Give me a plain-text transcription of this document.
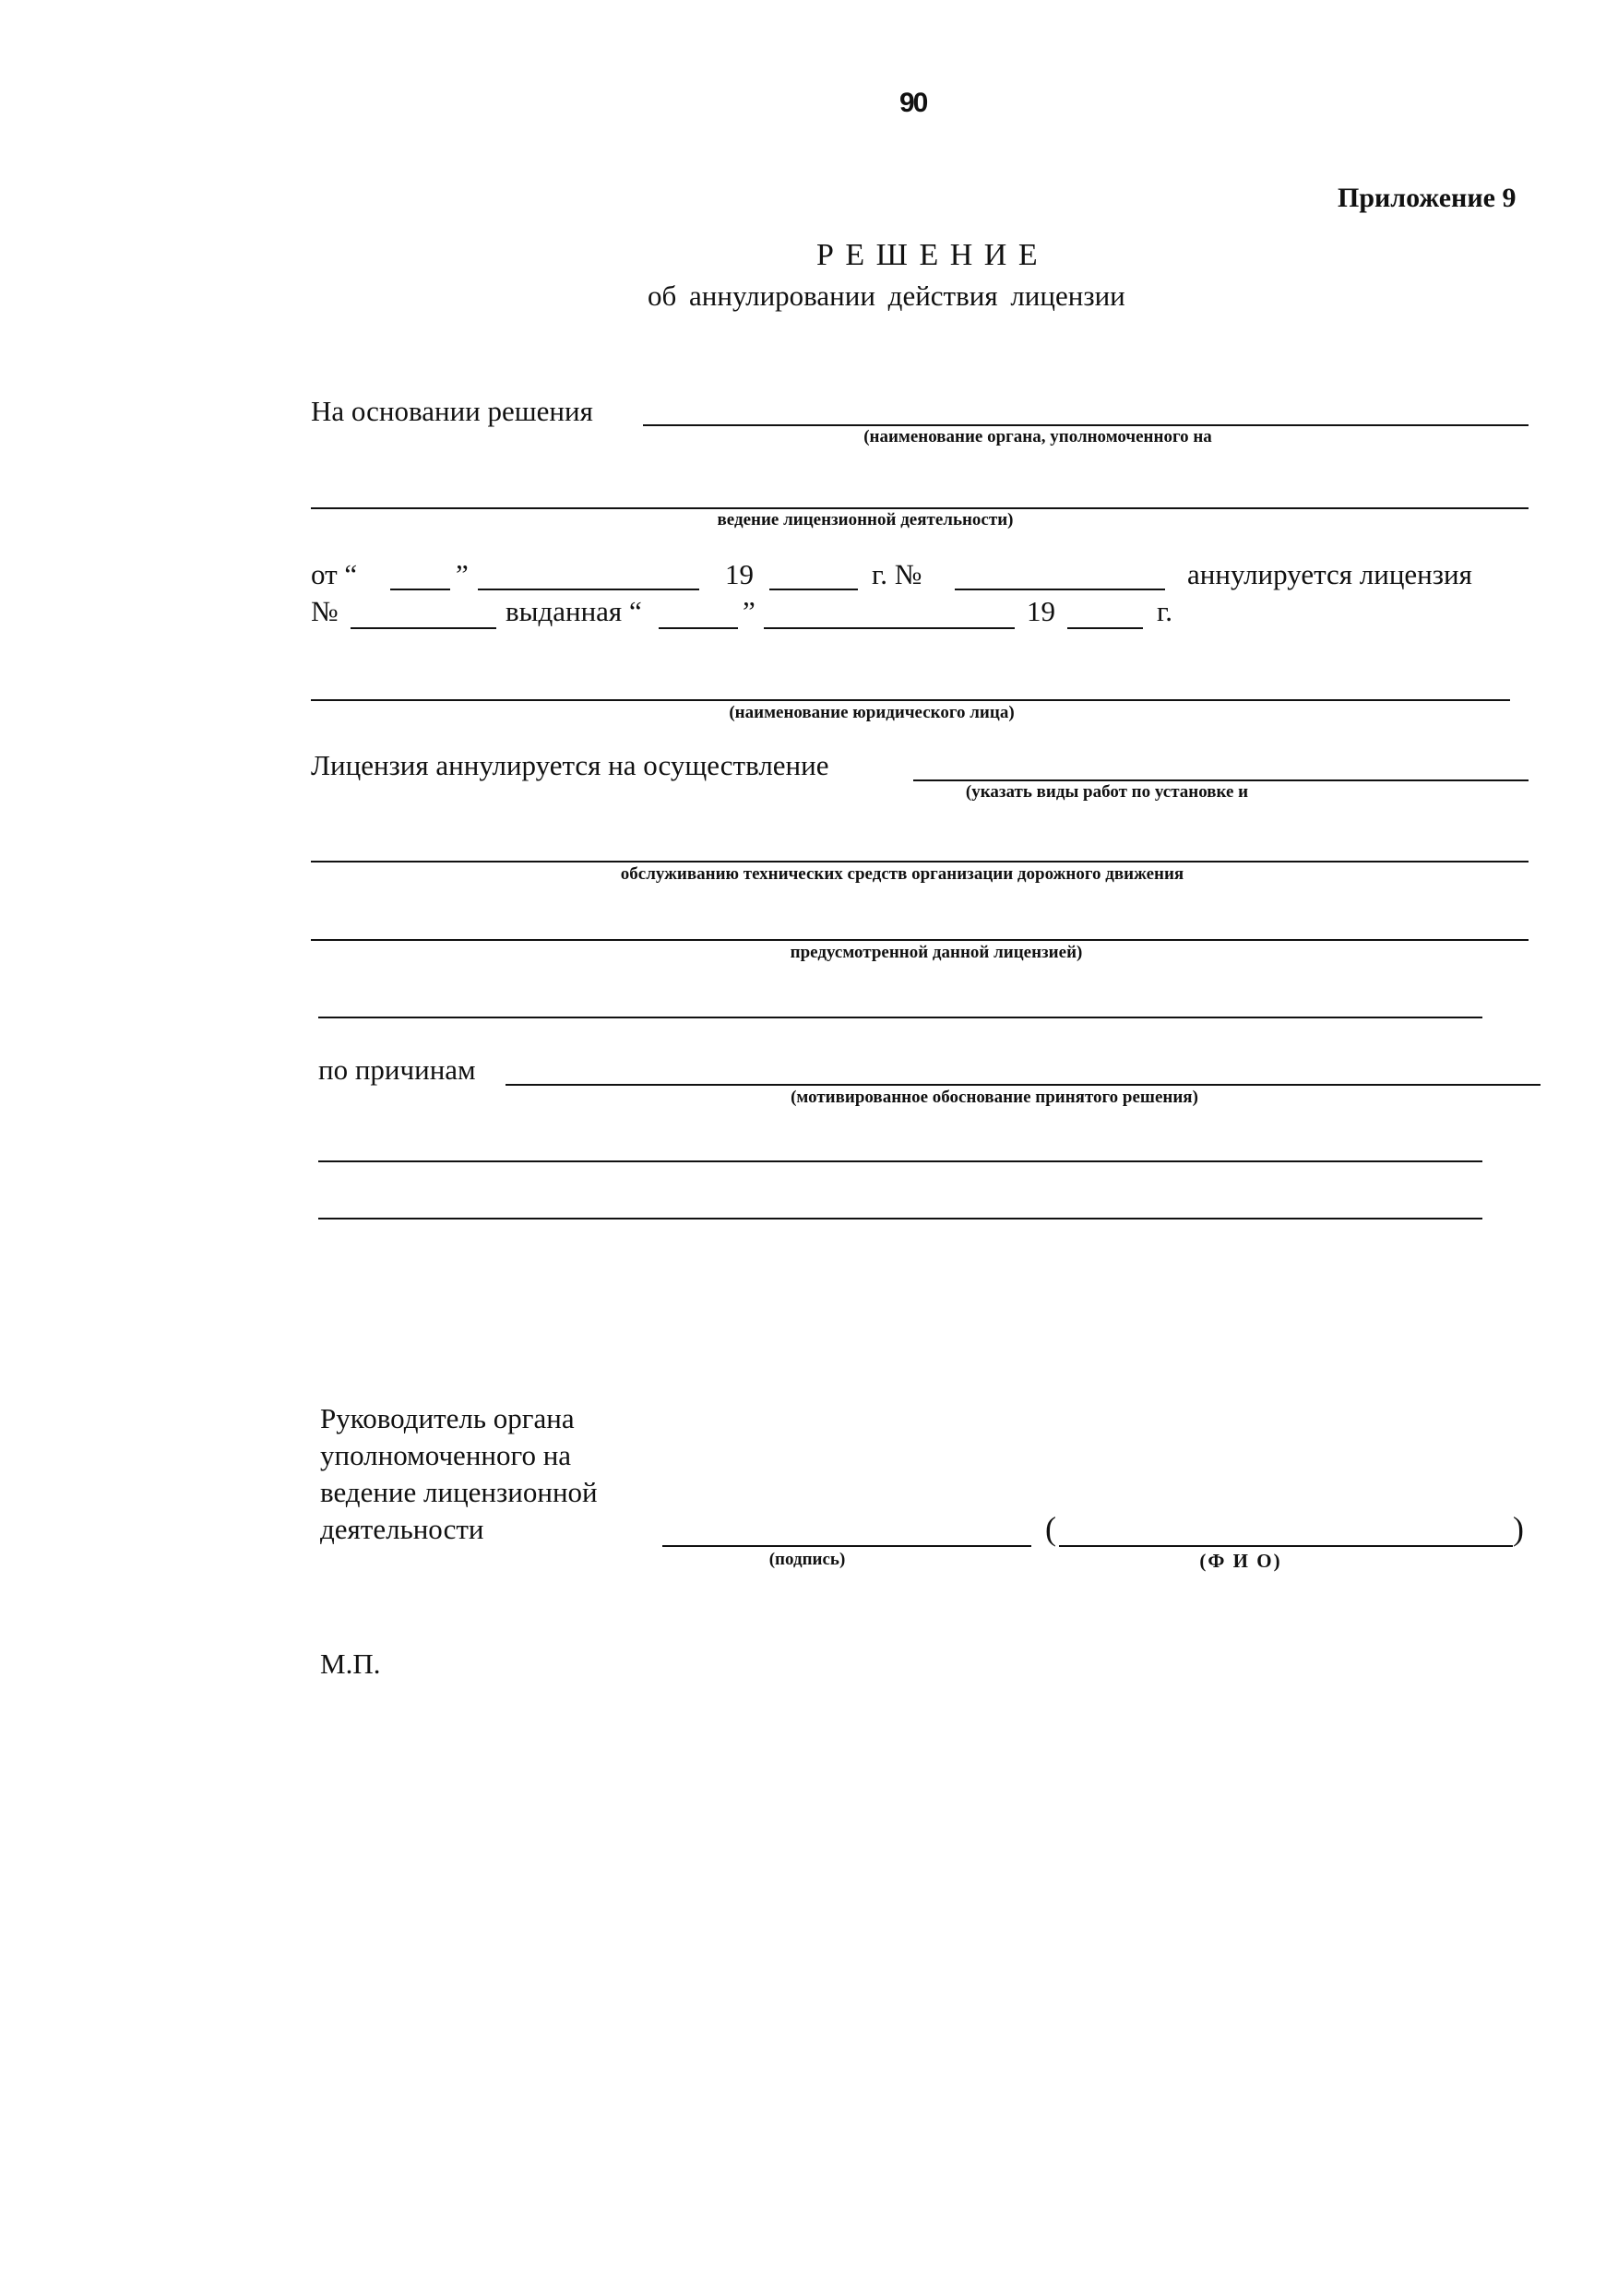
90
Приложение 9
Р Е Ш Е Н И Е
об аннулировании действия лицензии
На основании решения
(наименование органа, уполномоченного на
ведение лицензионной деятельности)
от “	”	19	г. №	аннулируется лицензия
№	выданная “	”	19	г.
(наименование юридического лица)
Лицензия аннулируется на осуществление
(указать виды работ по установке и
обслуживанию технических средств организации дорожного движения
предусмотренной данной лицензией)
по причинам
(мотивированное обоснование принятого решения)
Руководитель органа
уполномоченного на
ведение лицензионной
деятельности
(подпись)
(	)
(Ф И О)
М.П.
